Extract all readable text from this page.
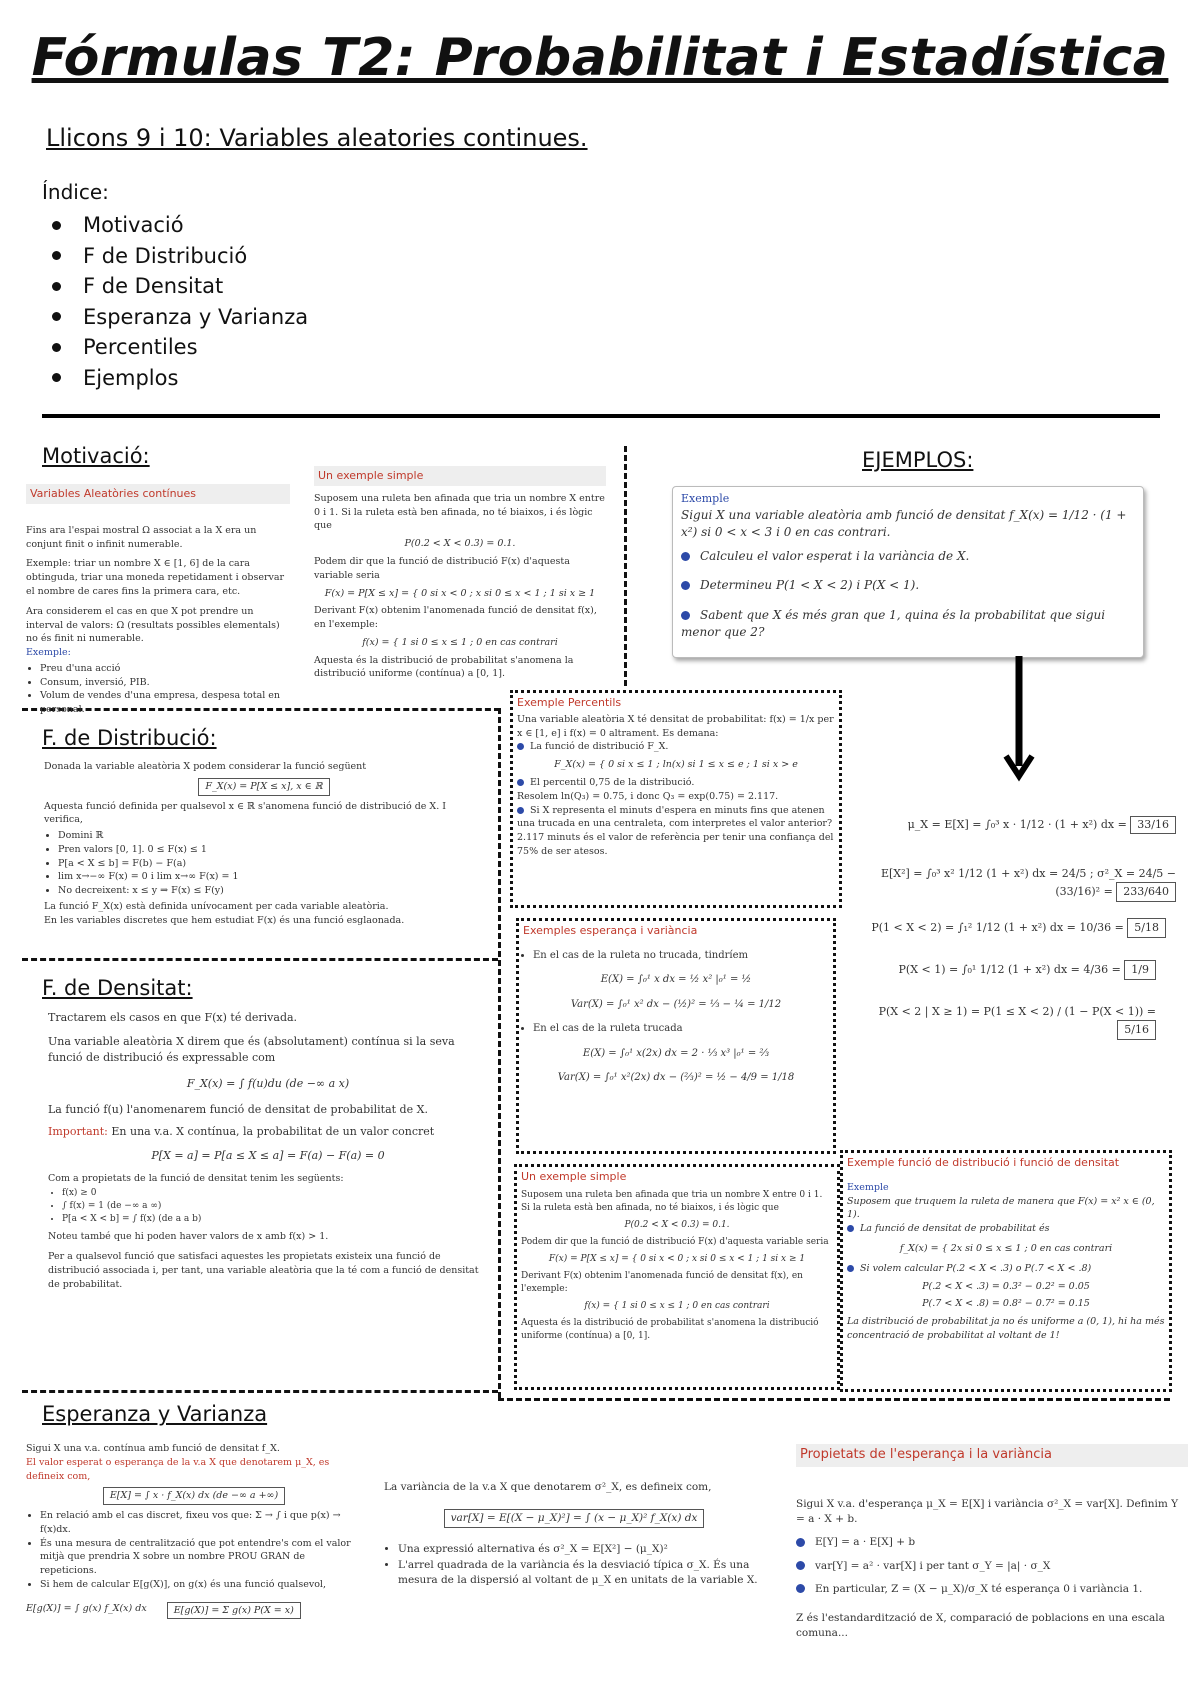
Fórmulas T2: Probabilitat i Estadística
Llicons 9 i 10: Variables aleatories continues.
Índice:
Motivació
F de Distribució
F de Densitat
Esperanza y Varianza
Percentiles
Ejemplos
Motivació:
F. de Distribució:
F. de Densitat:
EJEMPLOS:
Esperanza y Varianza
Variables Aleatòries contínues
Fins ara l'espai mostral Ω associat a la X era un conjunt finit o infinit numerable.
Exemple: triar un nombre X ∈ [1, 6] de la cara obtinguda, triar una moneda repetidament i observar el nombre de cares fins la primera cara, etc.
Ara considerem el cas en que X pot prendre un interval de valors: Ω (resultats possibles elementals) no és finit ni numerable.
Exemple:
• Preu d'una acció
• Consum, inversió, PIB.
• Volum de vendes d'una empresa, despesa total en personal.
Un exemple simple
Suposem una ruleta ben afinada que tria un nombre X entre 0 i 1. Si la ruleta està ben afinada, no té biaixos, i és lògic que
P(0.2 < X < 0.3) = 0.1.
Podem dir que la funció de distribució F(x) d'aquesta variable seria
F(x) = P[X ≤ x] = { 0 si x < 0 ; x si 0 ≤ x < 1 ; 1 si x ≥ 1
Derivant F(x) obtenim l'anomenada funció de densitat f(x), en l'exemple:
f(x) = { 1 si 0 ≤ x ≤ 1 ; 0 en cas contrari
Aquesta és la distribució de probabilitat s'anomena la distribució uniforme (contínua) a [0, 1].
Donada la variable aleatòria X podem considerar la funció següent
F_X(x) = P[X ≤ x], x ∈ ℝ
Aquesta funció definida per qualsevol x ∈ ℝ s'anomena funció de distribució de X. I verifica,
• Domini ℝ
• Pren valors [0, 1]. 0 ≤ F(x) ≤ 1
• P[a < X ≤ b] = F(b) − F(a)
• lim x→−∞ F(x) = 0 i lim x→∞ F(x) = 1
• No decreixent: x ≤ y ⇒ F(x) ≤ F(y)
La funció F_X(x) està definida unívocament per cada variable aleatòria.
En les variables discretes que hem estudiat F(x) és una funció esglaonada.
Tractarem els casos en que F(x) té derivada.
Una variable aleatòria X direm que és (absolutament) contínua si la seva funció de distribució és expressable com
F_X(x) = ∫ f(u)du (de −∞ a x)
La funció f(u) l'anomenarem funció de densitat de probabilitat de X.
Important: En una v.a. X contínua, la probabilitat de un valor concret
P[X = a] = P[a ≤ X ≤ a] = F(a) − F(a) = 0
Com a propietats de la funció de densitat tenim les següents:
• f(x) ≥ 0
• ∫ f(x) = 1 (de −∞ a ∞)
• P[a < X < b] = ∫ f(x) (de a a b)
Noteu també que hi poden haver valors de x amb f(x) > 1.
Per a qualsevol funció que satisfaci aquestes les propietats existeix una funció de distribució associada i, per tant, una variable aleatòria que la té com a funció de densitat de probabilitat.
Exemple
Sigui X una variable aleatòria amb funció de densitat f_X(x) = 1/12 · (1 + x²) si 0 < x < 3 i 0 en cas contrari.
Calculeu el valor esperat i la variància de X.
Determineu P(1 < X < 2) i P(X < 1).
Sabent que X és més gran que 1, quina és la probabilitat que sigui menor que 2?
μ_X = E[X] = ∫₀³ x · 1/12 · (1 + x²) dx = 33/16
E[X²] = ∫₀³ x² 1/12 (1 + x²) dx = 24/5 ; σ²_X = 24/5 − (33/16)² = 233/640
P(1 < X < 2) = ∫₁² 1/12 (1 + x²) dx = 10/36 = 5/18
P(X < 1) = ∫₀¹ 1/12 (1 + x²) dx = 4/36 = 1/9
P(X < 2 | X ≥ 1) = P(1 ≤ X < 2) / (1 − P(X < 1)) = 5/16
Exemple Percentils
Una variable aleatòria X té densitat de probabilitat: f(x) = 1/x per x ∈ [1, e] i f(x) = 0 altrament. Es demana:
La funció de distribució F_X.
F_X(x) = { 0 si x ≤ 1 ; ln(x) si 1 ≤ x ≤ e ; 1 si x > e
El percentil 0,75 de la distribució.
Resolem ln(Q₃) = 0.75, i donc Q₃ = exp(0.75) = 2.117.
Si X representa el minuts d'espera en minuts fins que atenen una trucada en una centraleta, com interpretes el valor anterior?
2.117 minuts és el valor de referència per tenir una confiança del 75% de ser atesos.
Exemples esperança i variància
• En el cas de la ruleta no trucada, tindríem
E(X) = ∫₀¹ x dx = ½ x² |₀¹ = ½
Var(X) = ∫₀¹ x² dx − (½)² = ⅓ − ¼ = 1/12
• En el cas de la ruleta trucada
E(X) = ∫₀¹ x(2x) dx = 2 · ⅓ x³ |₀¹ = ⅔
Var(X) = ∫₀¹ x²(2x) dx − (⅔)² = ½ − 4/9 = 1/18
Un exemple simple
Suposem una ruleta ben afinada que tria un nombre X entre 0 i 1. Si la ruleta està ben afinada, no té biaixos, i és lògic que
P(0.2 < X < 0.3) = 0.1.
Podem dir que la funció de distribució F(x) d'aquesta variable seria
F(x) = P[X ≤ x] = { 0 si x < 0 ; x si 0 ≤ x < 1 ; 1 si x ≥ 1
Derivant F(x) obtenim l'anomenada funció de densitat f(x), en l'exemple:
f(x) = { 1 si 0 ≤ x ≤ 1 ; 0 en cas contrari
Aquesta és la distribució de probabilitat s'anomena la distribució uniforme (contínua) a [0, 1].
Exemple funció de distribució i funció de densitat
Exemple
Suposem que truquem la ruleta de manera que F(x) = x² x ∈ (0, 1).
La funció de densitat de probabilitat és
f_X(x) = { 2x si 0 ≤ x ≤ 1 ; 0 en cas contrari
Si volem calcular P(.2 < X < .3) o P(.7 < X < .8)
P(.2 < X < .3) = 0.3² − 0.2² = 0.05
P(.7 < X < .8) = 0.8² − 0.7² = 0.15
La distribució de probabilitat ja no és uniforme a (0, 1), hi ha més concentració de probabilitat al voltant de 1!
Sigui X una v.a. contínua amb funció de densitat f_X.
El valor esperat o esperança de la v.a X que denotarem μ_X, es defineix com,
E[X] = ∫ x · f_X(x) dx (de −∞ a +∞)
• En relació amb el cas discret, fixeu vos que: Σ → ∫ i que p(x) → f(x)dx.
• És una mesura de centralització que pot entendre's com el valor mitjà que prendria X sobre un nombre PROU GRAN de repeticions.
• Si hem de calcular E[g(X)], on g(x) és una funció qualsevol,
E[g(X)] = ∫ g(x) f_X(x) dx	E[g(X)] = Σ g(x) P(X = x)
La variància de la v.a X que denotarem σ²_X, es defineix com,
var[X] = E[(X − μ_X)²] = ∫ (x − μ_X)² f_X(x) dx
• Una expressió alternativa és σ²_X = E[X²] − (μ_X)²
• L'arrel quadrada de la variància és la desviació típica σ_X. És una mesura de la dispersió al voltant de μ_X en unitats de la variable X.
Propietats de l'esperança i la variància
Sigui X v.a. d'esperança μ_X = E[X] i variància σ²_X = var[X]. Definim Y = a · X + b.
E[Y] = a · E[X] + b
var[Y] = a² · var[X] i per tant σ_Y = |a| · σ_X
En particular, Z = (X − μ_X)/σ_X té esperança 0 i variància 1.
Z és l'estandardització de X, comparació de poblacions en una escala comuna...
